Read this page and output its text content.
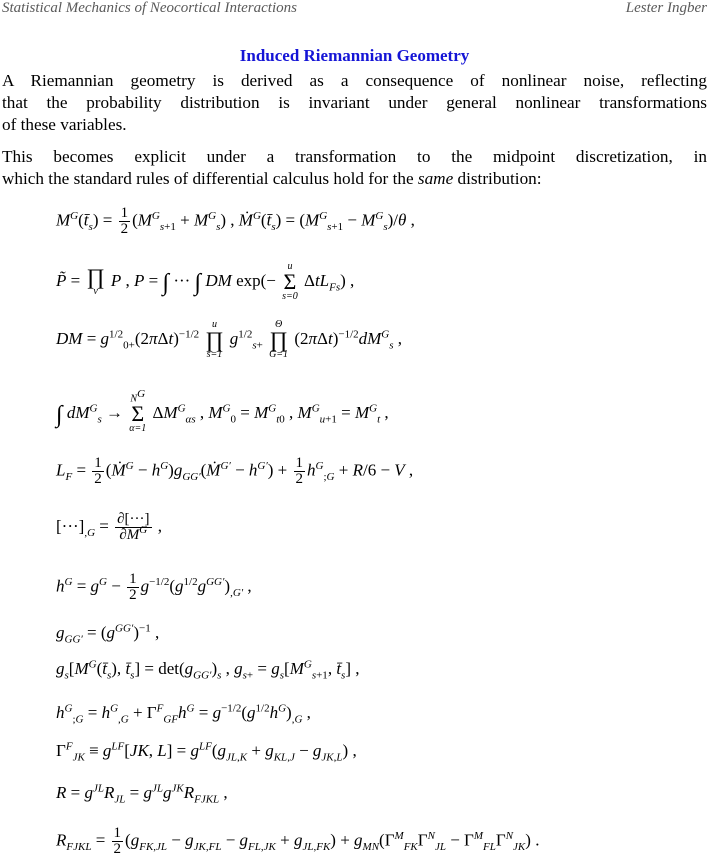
Statistical Mechanics of Neocortical Interactions	Lester Ingber
Induced Riemannian Geometry
A Riemannian geometry is derived as a consequence of nonlinear noise, reflecting
that the probability distribution is invariant under general nonlinear transformations
of these variables.
This becomes explicit under a transformation to the midpoint discretization, in
which the standard rules of differential calculus hold for the same distribution:
$M^G(t̄_s) = \frac{1}{2} (M^G_{s+1} + M^G_s)$ , $Ṁ^G(t̄_s) = (M^G_{s+1} - M^G_s)/\theta$ ,
P̃ = ∏
ν
P , P = ∫ ··· ∫ DM exp(−
u
Σ
s=0
ΔtL$_{Fs}$) ,
DM = $g^{1/2}_{0+}(2\pi\Delta t)^{-1/2}$
u
∏
s=1
$g^{1/2}_{s+}$
Θ
∏
G=1
$(2\pi\Delta t)^{-1/2}dM^G_s$ ,
∫ $dM^G_s$ →
$N^G$
Σ
α=1
$\Delta M^G_{\alpha s}$ , $M^G_0 = M^G_{t0}$ , $M^G_{u+1} = M^G_t$ ,
$L_F = \frac{1}{2}$ (Ṁ$^G$ − $h^G)g_{GG'}(Ṁ^{G'} - h^{G'}) + \frac{1}{2} h^G_{;G} + R/6 - V$ ,
$[\cdot\cdot\cdot]_{,G} = \frac{\partial[\cdot\cdot\cdot]}{\partial M^G}$ ,
$h^G = g^G - \frac{1}{2} g^{-1/2}(g^{1/2}g^{GG'})_{,G'}$ ,
$g_{GG'} = (g^{GG'})^{-1}$ ,
$g_s[M^G(t̄_s)$, $t̄_s] = \det(g_{GG'})_s$ , $g_{s+} = g_s[M^G_{s+1}$, $t̄_s$] ,
$h^G_{;G} = h^G_{,G} + \Gamma^F_{GF}h^G = g^{-1/2}(g^{1/2}h^G)_{,G}$ ,
$\Gamma^F_{JK} \equiv g^{LF}[JK$, $L] = g^{LF}(g_{JL,K} + g_{KL,J} - g_{JK,L})$ ,
$R = g^{JL}R_{JL} = g^{JL}g^{JK}R_{FJKL}$ ,
$R_{FJKL} = \frac{1}{2} (g_{FK,JL} - g_{JK,FL} - g_{FL,JK} + g_{JL,FK}) + g_{MN}(\Gamma^M_{FK}\Gamma^N_{JL} - \Gamma^M_{FL}\Gamma^N_{JK})$ .
